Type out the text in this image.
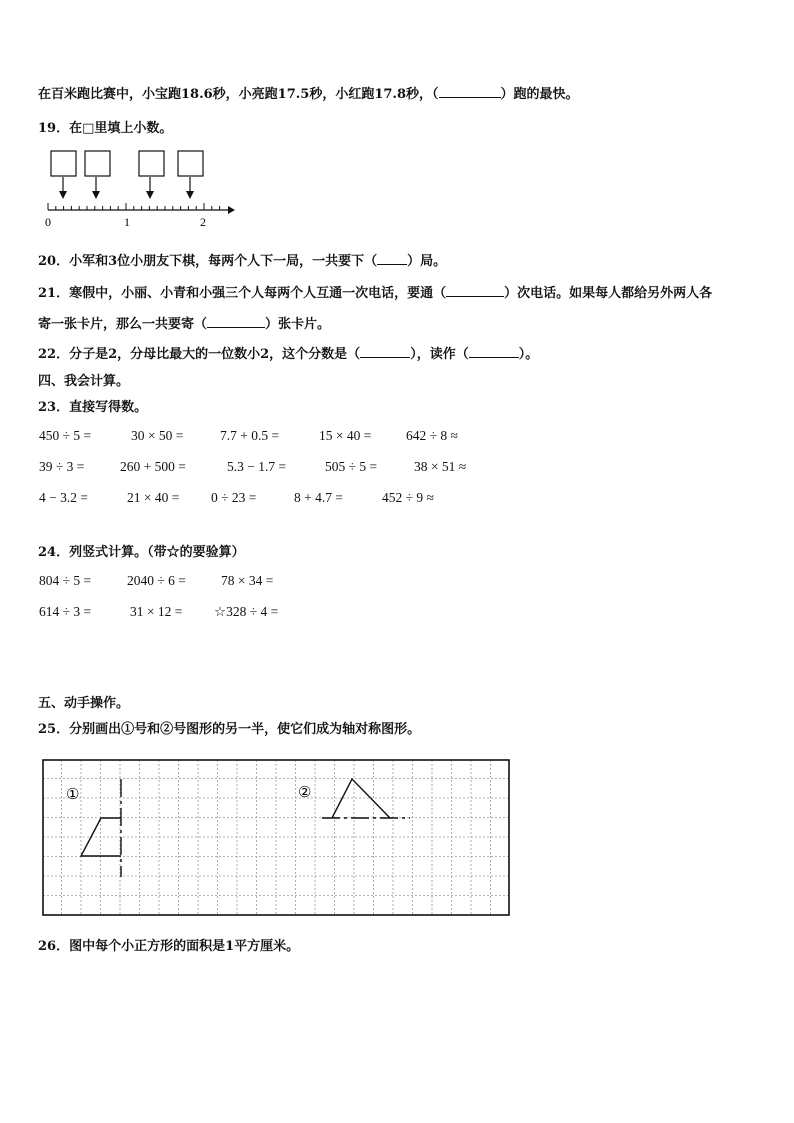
在百米跑比赛中，小宝跑18.6秒，小亮跑17.5秒，小红跑17.8秒，（	）跑的最快。
19．在□里填上小数。
0	1	2
20．小军和3位小朋友下棋，每两个人下一局，一共要下（ ）局。
21．寒假中，小丽、小青和小强三个人每两个人互通一次电话，要通（	）次电话。如果每人都给另外两人各
寄一张卡片，那么一共要寄（	）张卡片。
22．分子是2，分母比最大的一位数小2，这个分数是（	），读作（	）。
四、我会计算。
23．直接写得数。
450 ÷ 5 =	30 × 50 =	7.7 + 0.5 =	15 × 40 =	642 ÷ 8 ≈
39 ÷ 3 =	260 + 500 =	5.3 − 1.7 =	505 ÷ 5 =	38 × 51 ≈
4 − 3.2 =	21 × 40 = 0 ÷ 23 =	8 + 4.7 =	452 ÷ 9 ≈
24．列竖式计算。（带☆的要验算）
804 ÷ 5 =	2040 ÷ 6 =	78 × 34 =
614 ÷ 3 =	31 × 12 = ☆328 ÷ 4 =
五、动手操作。
25．分别画出①号和②号图形的另一半，使它们成为轴对称图形。
①	②
26．图中每个小正方形的面积是1平方厘米。
